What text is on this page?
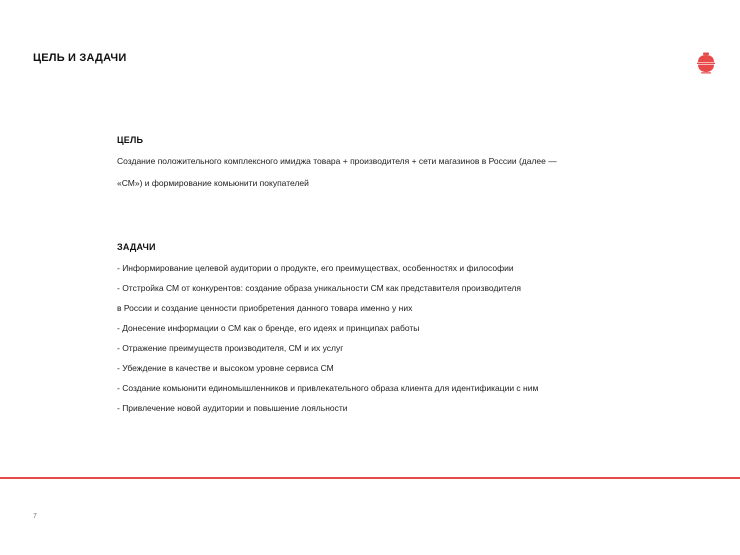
ЦЕЛЬ И ЗАДАЧИ

ЦЕЛЬ

Создание положительного комплексного имиджа товара + производителя + сети магазинов в России (далее —

«СМ») и формирование комьюнити покупателей

ЗАДАЧИ

- Информирование целевой аудитории о продукте, его преимуществах, особенностях и философии
- Отстройка СМ от конкурентов: создание образа уникальности СМ как представителя производителя
в России и создание ценности приобретения данного товара именно у них
- Донесение информации о СМ как о бренде, его идеях и принципах работы
- Отражение преимуществ производителя, СМ и их услуг
- Убеждение в качестве и высоком уровне сервиса СМ
- Создание комьюнити единомышленников и привлекательного образа клиента для идентификации с ним
- Привлечение новой аудитории и повышение лояльности
7
